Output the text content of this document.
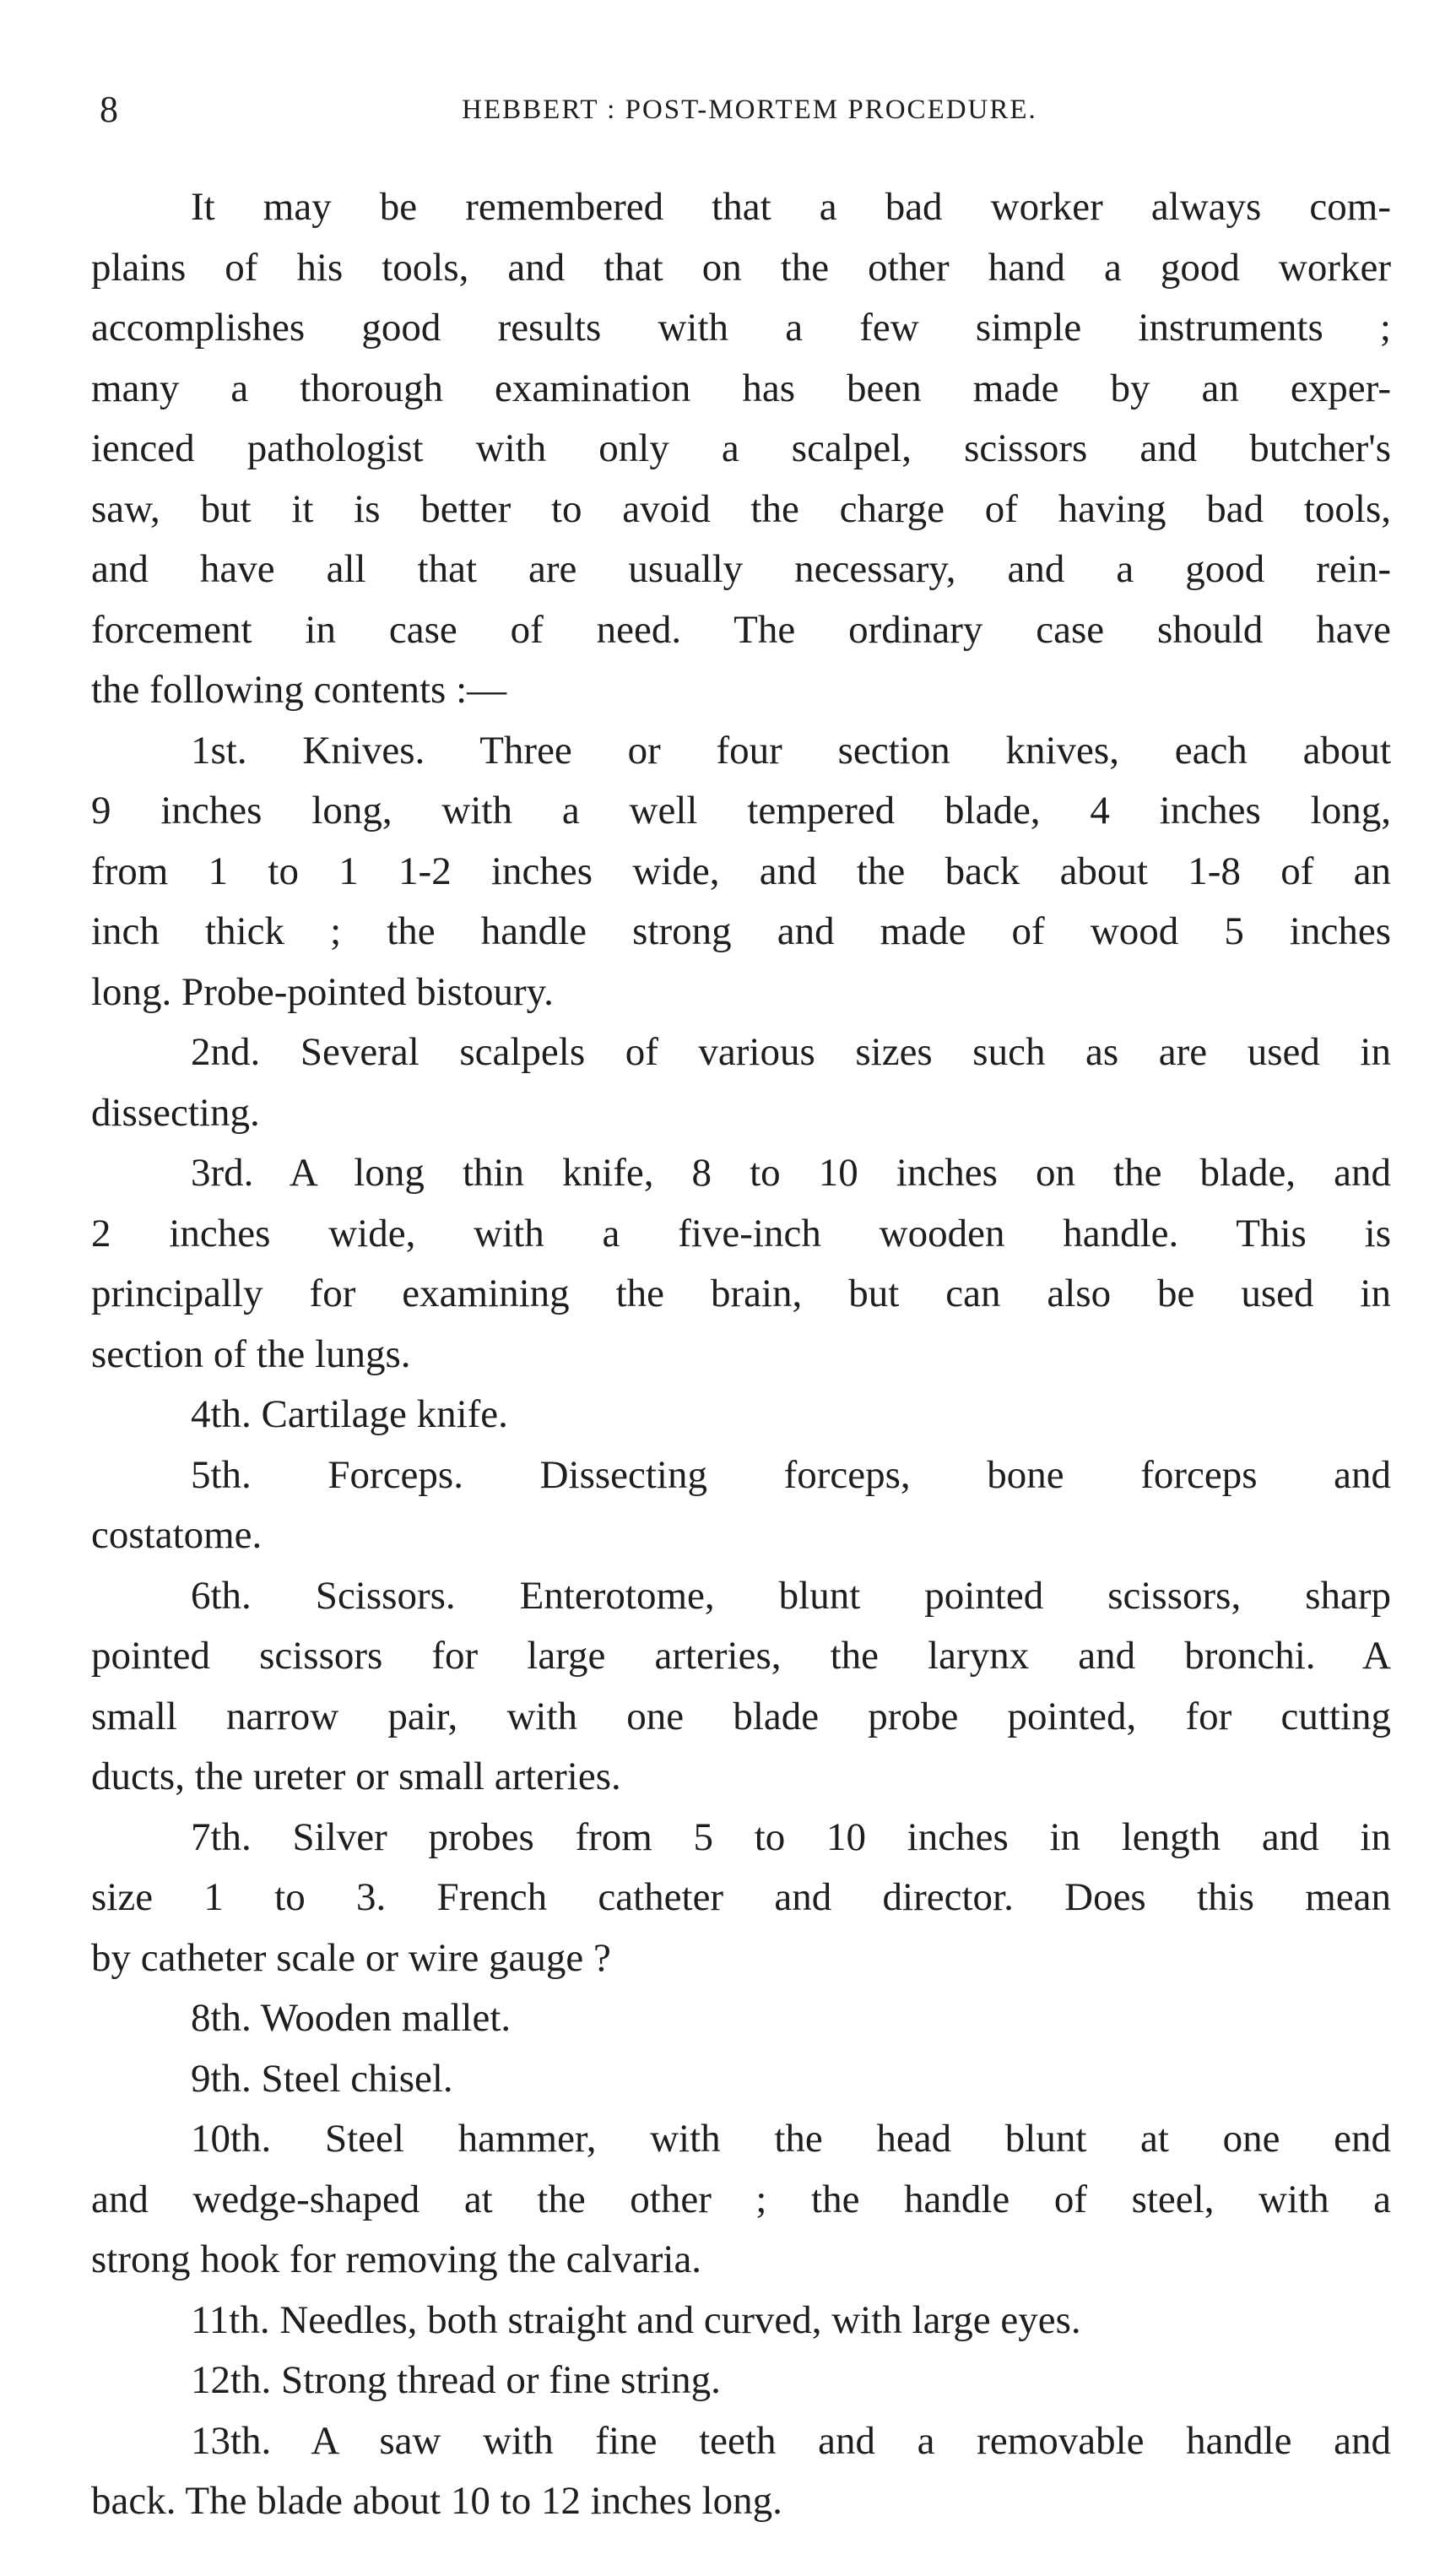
8	HEBBERT : POST-MORTEM PROCEDURE.
It may be remembered that a bad worker always com-
plains of his tools, and that on the other hand a good worker
accomplishes good results with a few simple instruments ;
many a thorough examination has been made by an exper-
ienced pathologist with only a scalpel, scissors and butcher's
saw, but it is better to avoid the charge of having bad tools,
and have all that are usually necessary, and a good rein-
forcement in case of need. The ordinary case should have
the following contents :—
1st. Knives. Three or four section knives, each about
9 inches long, with a well tempered blade, 4 inches long,
from 1 to 1 1-2 inches wide, and the back about 1-8 of an
inch thick ; the handle strong and made of wood 5 inches
long. Probe-pointed bistoury.
2nd. Several scalpels of various sizes such as are used in
dissecting.
3rd. A long thin knife, 8 to 10 inches on the blade, and
2 inches wide, with a five-inch wooden handle. This is
principally for examining the brain, but can also be used in
section of the lungs.
4th. Cartilage knife.
5th. Forceps. Dissecting forceps, bone forceps and
costatome.
6th. Scissors. Enterotome, blunt pointed scissors, sharp
pointed scissors for large arteries, the larynx and bronchi. A
small narrow pair, with one blade probe pointed, for cutting
ducts, the ureter or small arteries.
7th. Silver probes from 5 to 10 inches in length and in
size 1 to 3. French catheter and director. Does this mean
by catheter scale or wire gauge ?
8th. Wooden mallet.
9th. Steel chisel.
10th. Steel hammer, with the head blunt at one end
and wedge-shaped at the other ; the handle of steel, with a
strong hook for removing the calvaria.
11th. Needles, both straight and curved, with large eyes.
12th. Strong thread or fine string.
13th. A saw with fine teeth and a removable handle and
back. The blade about 10 to 12 inches long.
